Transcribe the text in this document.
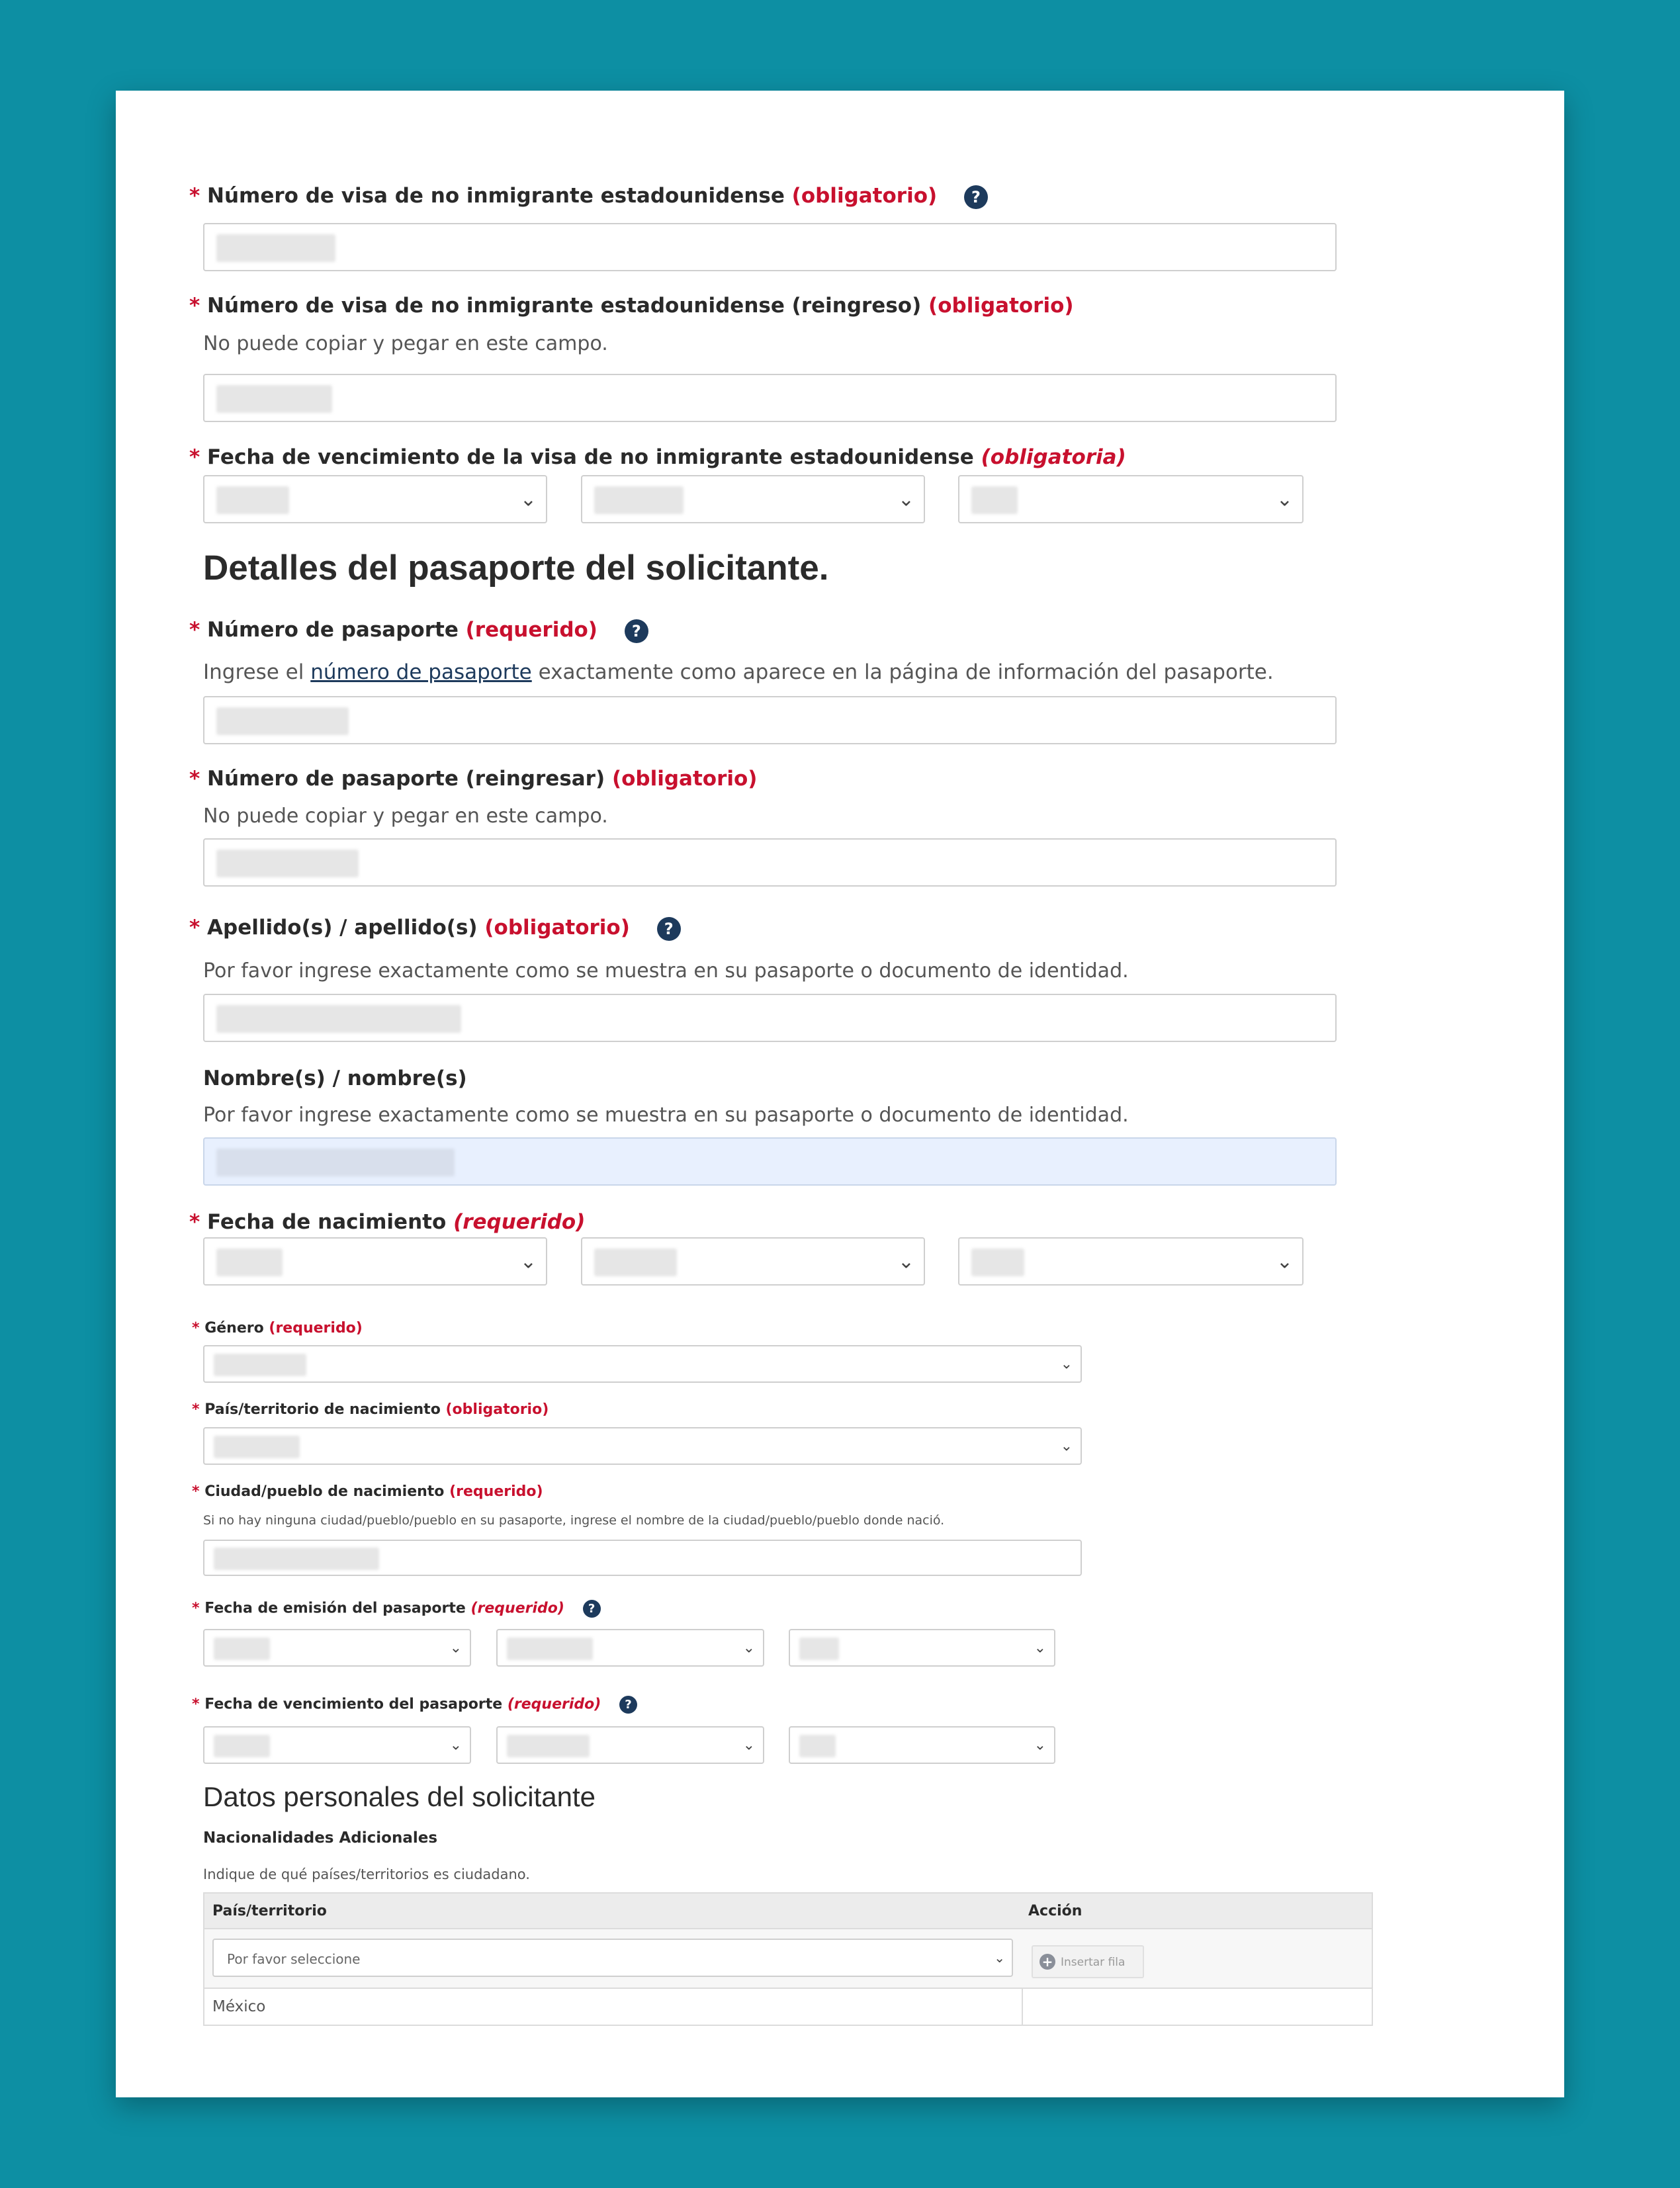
* Número de visa de no inmigrante estadounidense (obligatorio) ?
* Número de visa de no inmigrante estadounidense (reingreso) (obligatorio)
No puede copiar y pegar en este campo.
* Fecha de vencimiento de la visa de no inmigrante estadounidense (obligatoria)
⌄	⌄	⌄
Detalles del pasaporte del solicitante.
* Número de pasaporte (requerido) ?
Ingrese el número de pasaporte exactamente como aparece en la página de información del pasaporte.
* Número de pasaporte (reingresar) (obligatorio)
No puede copiar y pegar en este campo.
* Apellido(s) / apellido(s) (obligatorio) ?
Por favor ingrese exactamente como se muestra en su pasaporte o documento de identidad.
Nombre(s) / nombre(s)
Por favor ingrese exactamente como se muestra en su pasaporte o documento de identidad.
* Fecha de nacimiento (requerido)
⌄	⌄	⌄
* Género (requerido)
⌄
* País/territorio de nacimiento (obligatorio)
⌄
* Ciudad/pueblo de nacimiento (requerido)
Si no hay ninguna ciudad/pueblo/pueblo en su pasaporte, ingrese el nombre de la ciudad/pueblo/pueblo donde nació.
* Fecha de emisión del pasaporte (requerido) ?
⌄	⌄	⌄
* Fecha de vencimiento del pasaporte (requerido) ?
⌄	⌄	⌄
Datos personales del solicitante
Nacionalidades Adicionales
Indique de qué países/territorios es ciudadano.
País/territorio	Acción
Por favor seleccione	⌄	+ Insertar fila
México
